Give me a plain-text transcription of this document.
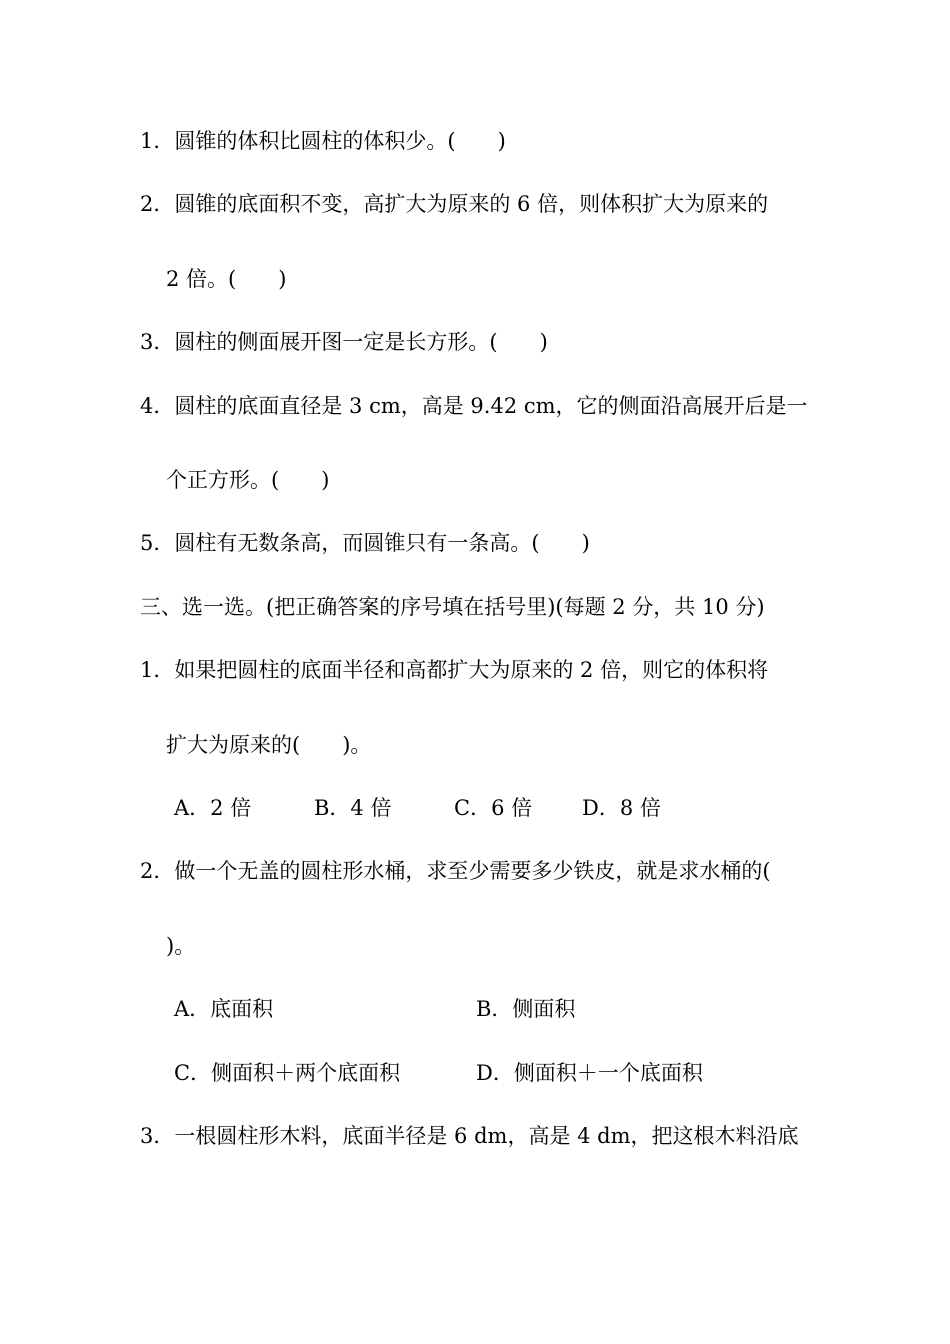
1．圆锥的体积比圆柱的体积少。(　　)
2．圆锥的底面积不变，高扩大为原来的 6 倍，则体积扩大为原来的
2 倍。(　　)
3．圆柱的侧面展开图一定是长方形。(　　)
4．圆柱的底面直径是 3 cm，高是 9.42 cm，它的侧面沿高展开后是一
个正方形。(　　)
5．圆柱有无数条高，而圆锥只有一条高。(　　)
三、选一选。(把正确答案的序号填在括号里)(每题 2 分，共 10 分)
1．如果把圆柱的底面半径和高都扩大为原来的 2 倍，则它的体积将
扩大为原来的(　　)。
A．2 倍	B．4 倍	C．6 倍 D．8 倍
2．做一个无盖的圆柱形水桶，求至少需要多少铁皮，就是求水桶的(
)。
A．底面积	B．侧面积
C．侧面积＋两个底面积	D．侧面积＋一个底面积
3．一根圆柱形木料，底面半径是 6 dm，高是 4 dm，把这根木料沿底
